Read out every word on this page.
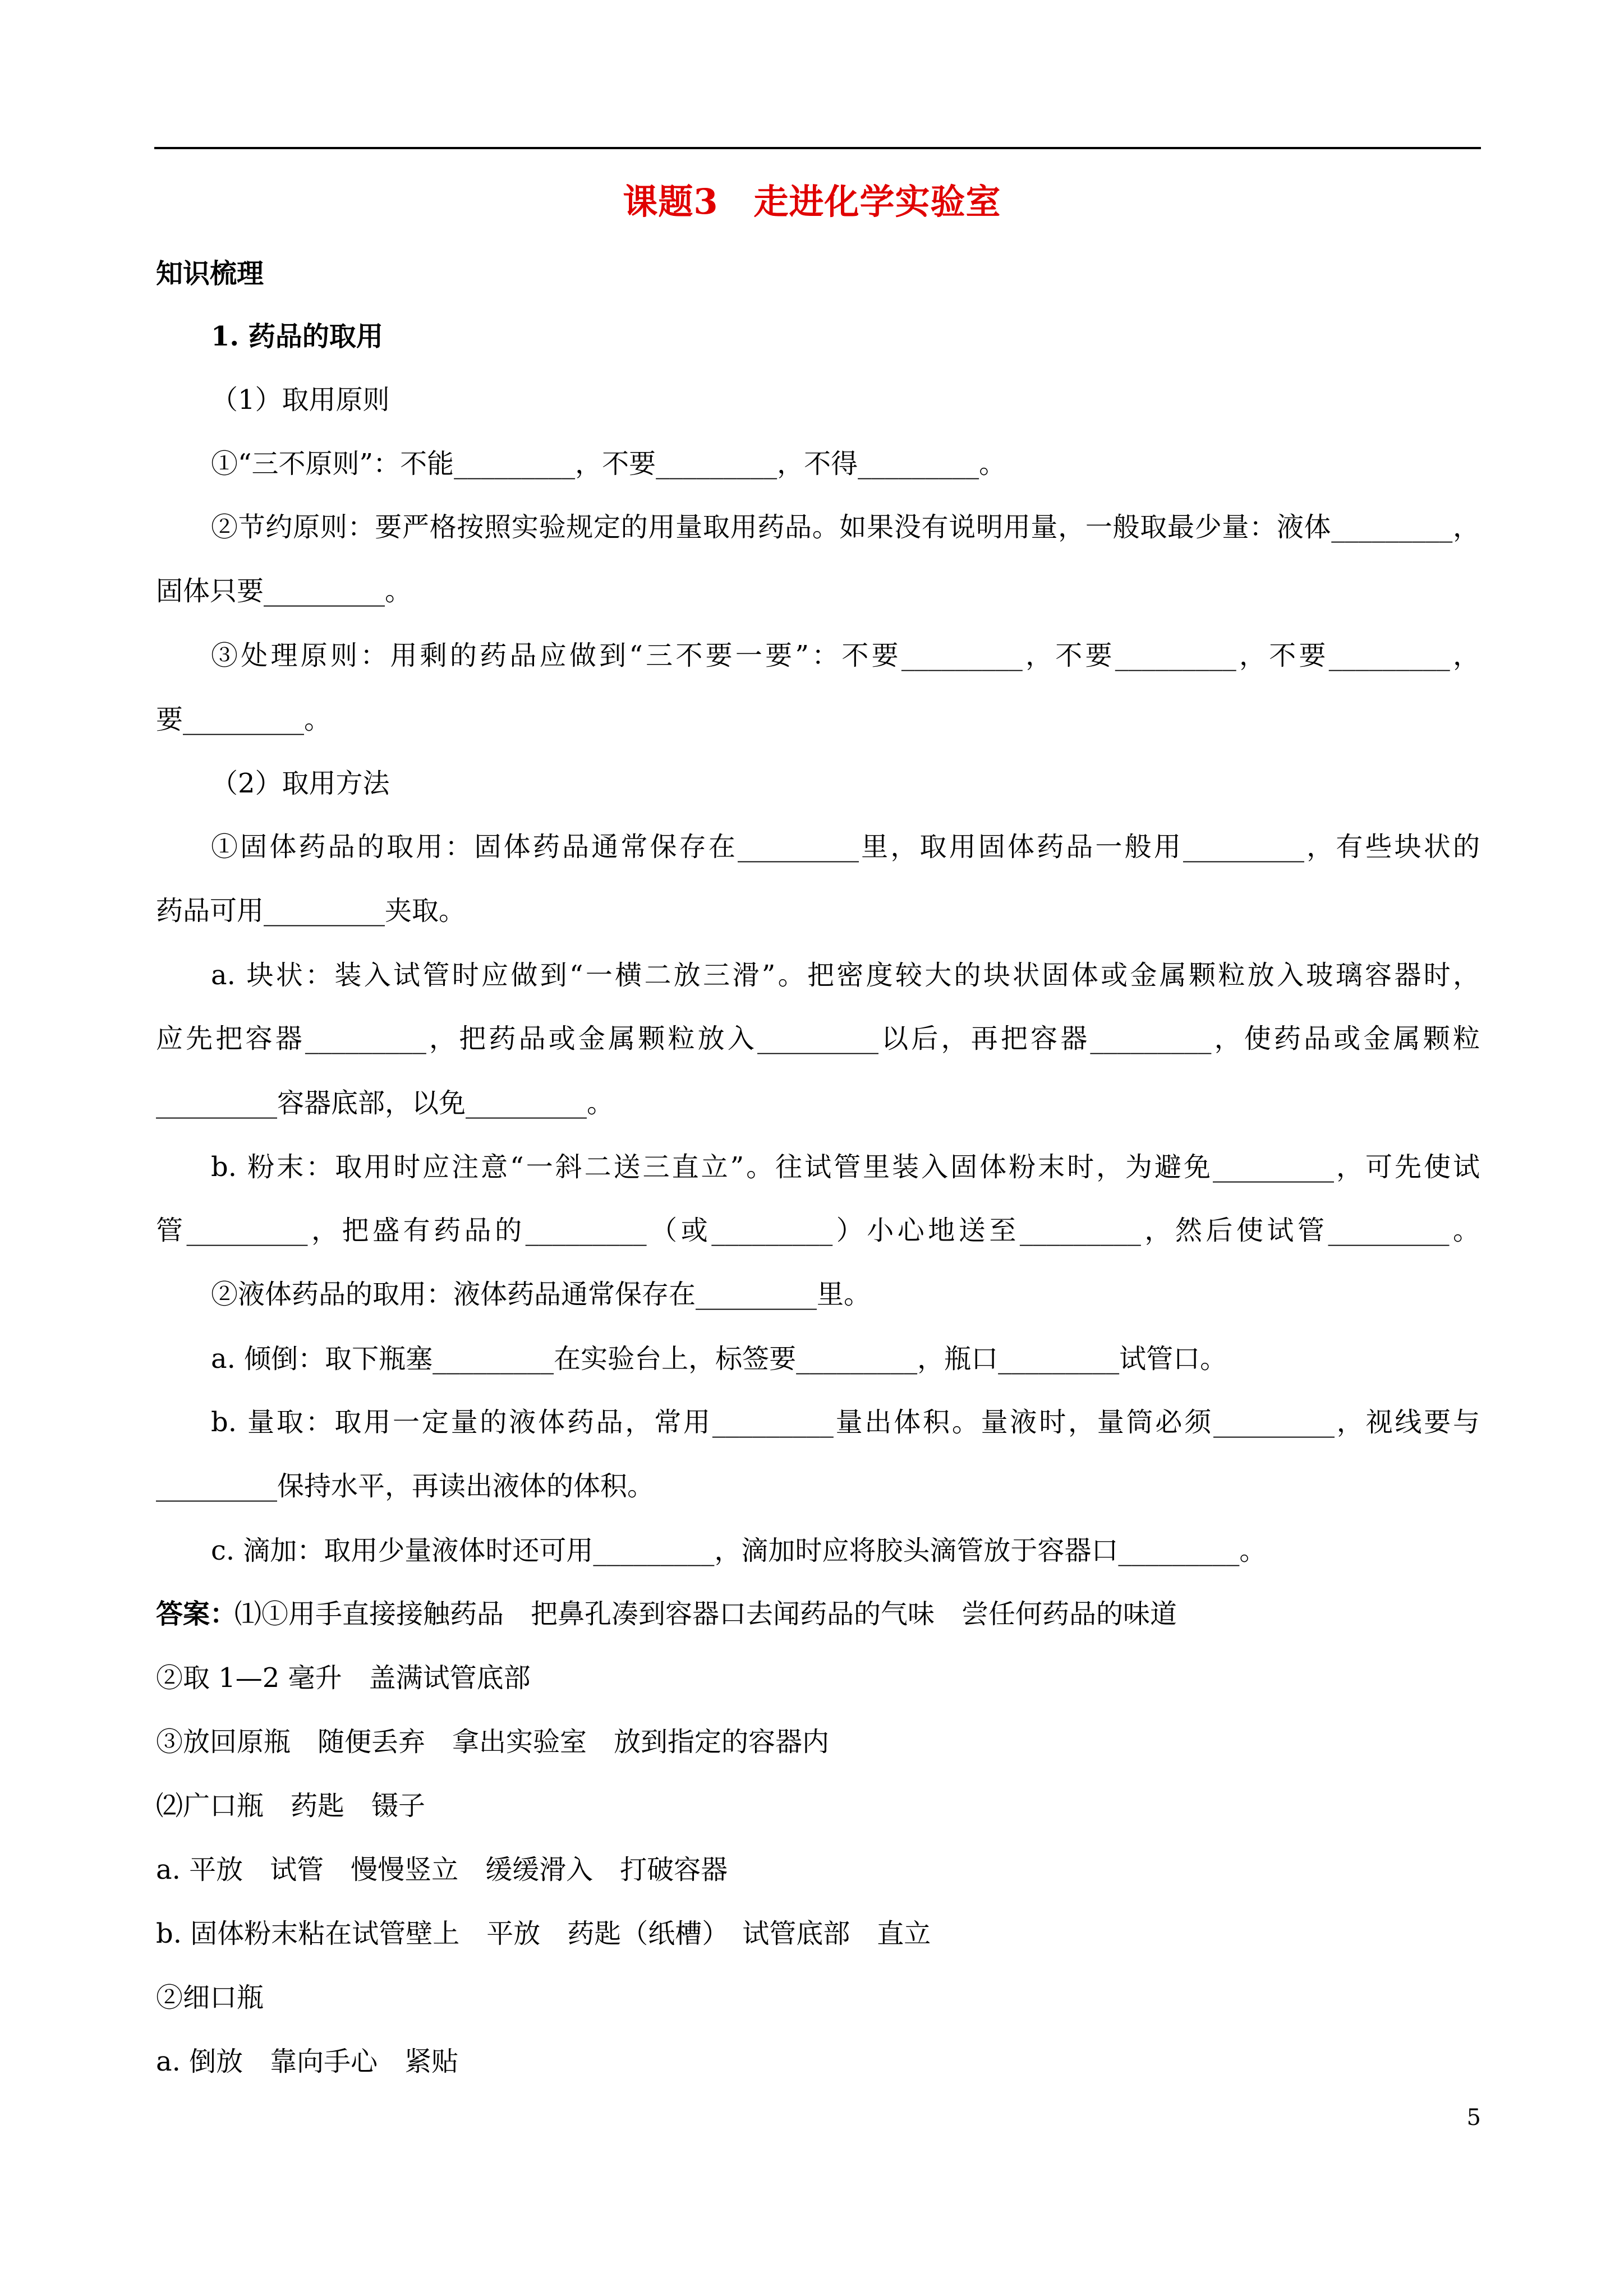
课题3　走进化学实验室
知识梳理
1. 药品的取用
（1）取用原则
①“三不原则”：不能_________，不要_________，不得_________。
②节约原则：要严格按照实验规定的用量取用药品。如果没有说明用量，一般取最少量：液体_________，
固体只要_________。
③处理原则：用剩的药品应做到“三不要一要”：不要_________，不要_________，不要_________，
要_________。
（2）取用方法
①固体药品的取用：固体药品通常保存在_________里，取用固体药品一般用_________，有些块状的
药品可用_________夹取。
a. 块状：装入试管时应做到“一横二放三滑”。把密度较大的块状固体或金属颗粒放入玻璃容器时，
应先把容器_________，把药品或金属颗粒放入_________以后，再把容器_________，使药品或金属颗粒
_________容器底部，以免_________。
b. 粉末：取用时应注意“一斜二送三直立”。往试管里装入固体粉末时，为避免_________，可先使试
管_________，把盛有药品的_________（或_________）小心地送至_________，然后使试管_________。
②液体药品的取用：液体药品通常保存在_________里。
a. 倾倒：取下瓶塞_________在实验台上，标签要_________，瓶口_________试管口。
b. 量取：取用一定量的液体药品，常用_________量出体积。量液时，量筒必须_________，视线要与
_________保持水平，再读出液体的体积。
c. 滴加：取用少量液体时还可用_________，滴加时应将胶头滴管放于容器口_________。
答案：
⑴①用手直接接触药品　把鼻孔凑到容器口去闻药品的气味　尝任何药品的味道
②取 1—2 毫升　盖满试管底部
③放回原瓶　随便丢弃　拿出实验室　放到指定的容器内
⑵广口瓶　药匙　镊子
a. 平放　试管　慢慢竖立　缓缓滑入　打破容器
b. 固体粉末粘在试管壁上　平放　药匙（纸槽）　试管底部　直立
②细口瓶
a. 倒放　靠向手心　紧贴
5
